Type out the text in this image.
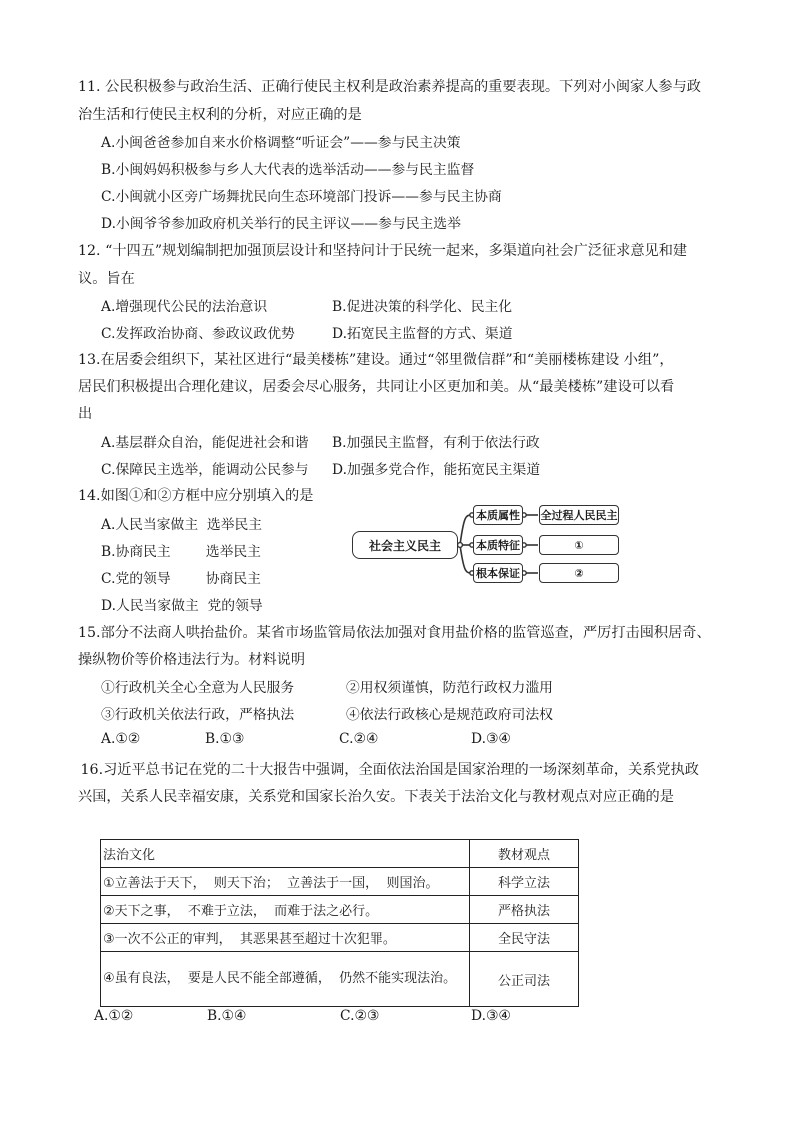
11. 公民积极参与政治生活、正确行使民主权利是政治素养提高的重要表现。下列对小闽家人参与政
治生活和行使民主权利的分析，对应正确的是
A.小闽爸爸参加自来水价格调整“听证会”——参与民主决策
B.小闽妈妈积极参与乡人大代表的选举活动——参与民主监督
C.小闽就小区旁广场舞扰民向生态环境部门投诉——参与民主协商
D.小闽爷爷参加政府机关举行的民主评议——参与民主选举
12. “十四五”规划编制把加强顶层设计和坚持问计于民统一起来，多渠道向社会广泛征求意见和建
议。旨在
A.增强现代公民的法治意识	B.促进决策的科学化、民主化
C.发挥政治协商、参政议政优势	D.拓宽民主监督的方式、渠道
13.在居委会组织下，某社区进行“最美楼栋”建设。通过“邻里微信群”和“美丽楼栋建设 小组”，
居民们积极提出合理化建议，居委会尽心服务，共同让小区更加和美。从“最美楼栋”建设可以看
出
A.基层群众自治，能促进社会和谐 B.加强民主监督，有利于依法行政
C.保障民主选举，能调动公民参与 D.加强多党合作，能拓宽民主渠道
14.如图①和②方框中应分别填入的是
A.人民当家做主  选举民主
B.协商民主        选举民主
C.党的领导        协商民主
D.人民当家做主  党的领导
社会主义民主
本质属性
本质特征
根本保证
全过程人民民主
①
②
15.部分不法商人哄抬盐价。某省市场监管局依法加强对食用盐价格的监管巡查，严厉打击囤积居奇、
操纵物价等价格违法行为。材料说明
①行政机关全心全意为人民服务	②用权须谨慎，防范行政权力滥用
③行政机关依法行政，严格执法	④依法行政核心是规范政府司法权
A.①②	B.①③	C.②④	D.③④
16.习近平总书记在党的二十大报告中强调，全面依法治国是国家治理的一场深刻革命，关系党执政
兴国，关系人民幸福安康，关系党和国家长治久安。下表关于法治文化与教材观点对应正确的是
法治文化	教材观点
①立善法于天下，  则天下治；  立善法于一国，  则国治。	科学立法
②天下之事，  不难于立法，  而难于法之必行。	严格执法
③一次不公正的审判，  其恶果甚至超过十次犯罪。	全民守法
④虽有良法，  要是人民不能全部遵循，  仍然不能实现法治。	公正司法
A.①②	B.①④	C.②③	D.③④
